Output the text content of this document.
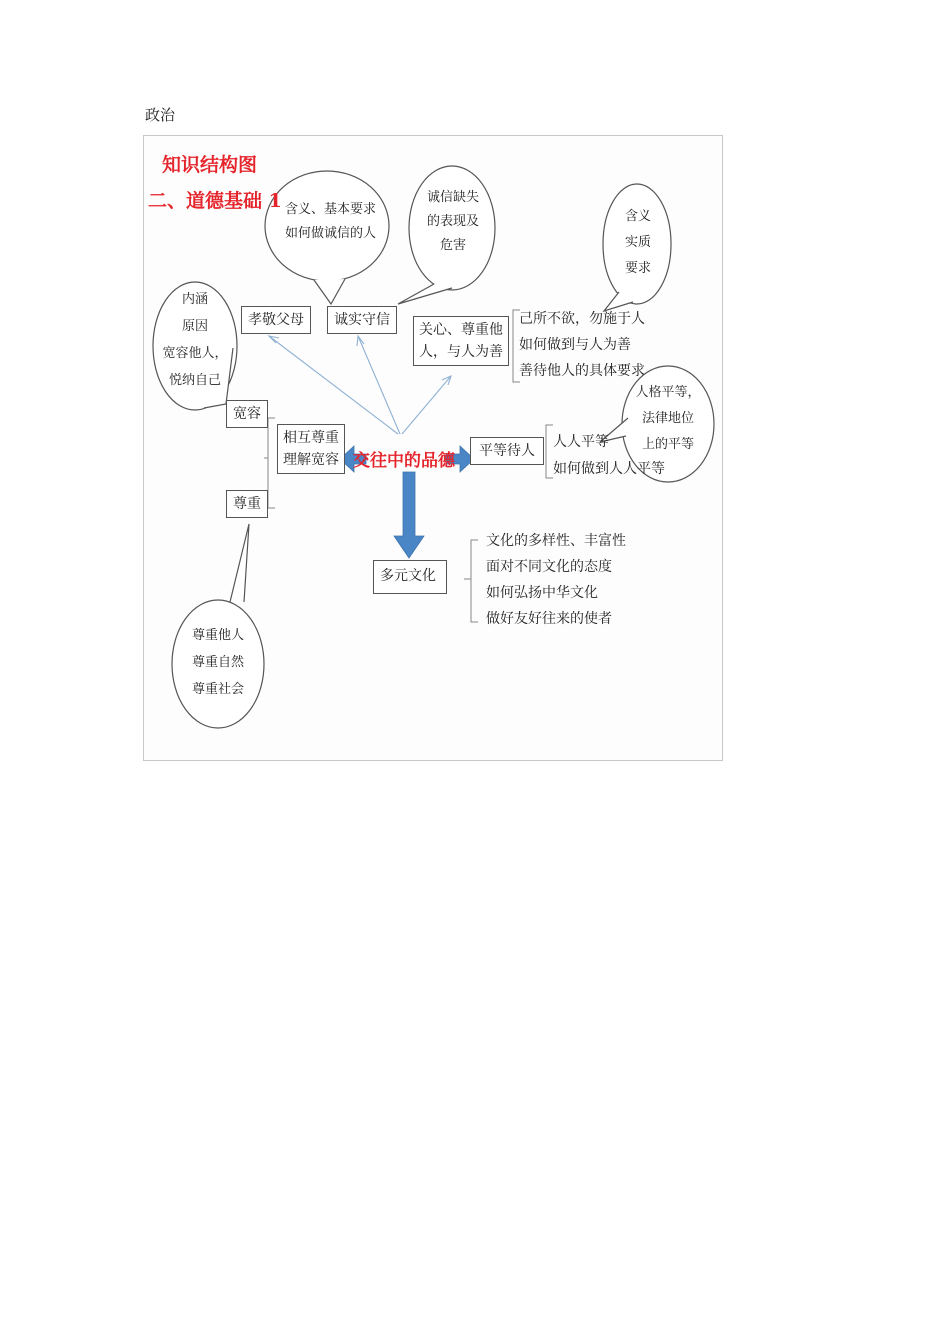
政治
知识结构图
二、道德基础 1
交往中的品德
孝敬父母	诚实守信
关心、尊重他
人，与人为善
相互尊重
理解宽容
宽容
尊重
平等待人
多元文化
含义、基本要求
如何做诚信的人
诚信缺失
的表现及
危害
含义
实质
要求
内涵
原因
宽容他人，
悦纳自己
人格平等，
法律地位
上的平等
尊重他人
尊重自然
尊重社会
己所不欲，勿施于人
如何做到与人为善
善待他人的具体要求
人人平等
如何做到人人平等
文化的多样性、丰富性
面对不同文化的态度
如何弘扬中华文化
做好友好往来的使者
